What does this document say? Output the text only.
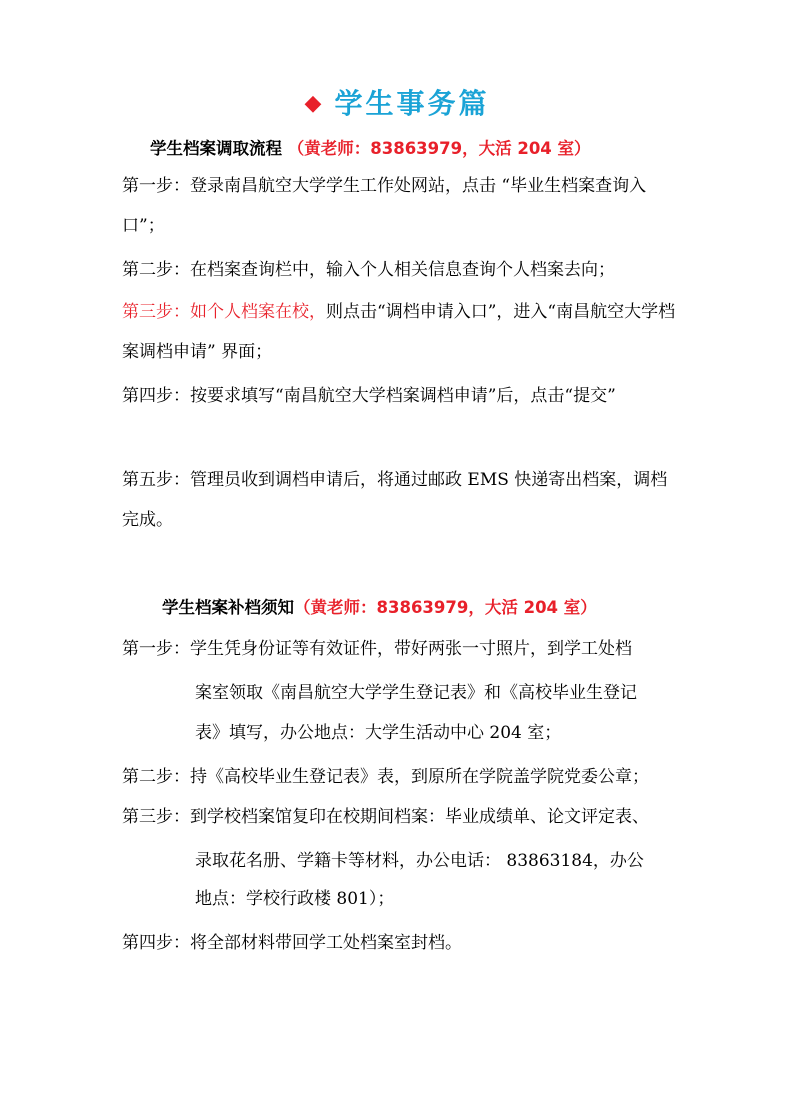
◆ 学生事务篇
学生档案调取流程 （黄老师：83863979，大活 204 室）
第一步：登录南昌航空大学学生工作处网站，点击 “毕业生档案查询入口”；
第二步：在档案查询栏中，输入个人相关信息查询个人档案去向；
第三步：如个人档案在校，则点击“调档申请入口”，进入“南昌航空大学档案调档申请” 界面；
第四步：按要求填写“南昌航空大学档案调档申请”后，点击“提交”
第五步：管理员收到调档申请后，将通过邮政 EMS 快递寄出档案，调档完成。
学生档案补档须知（黄老师：83863979，大活 204 室）
第一步：学生凭身份证等有效证件，带好两张一寸照片，到学工处档
案室领取《南昌航空大学学生登记表》和《高校毕业生登记
表》填写，办公地点：大学生活动中心 204 室；
第二步：持《高校毕业生登记表》表，到原所在学院盖学院党委公章；
第三步：到学校档案馆复印在校期间档案：毕业成绩单、论文评定表、
录取花名册、学籍卡等材料，办公电话： 83863184，办公
地点：学校行政楼 801）；
第四步：将全部材料带回学工处档案室封档。
